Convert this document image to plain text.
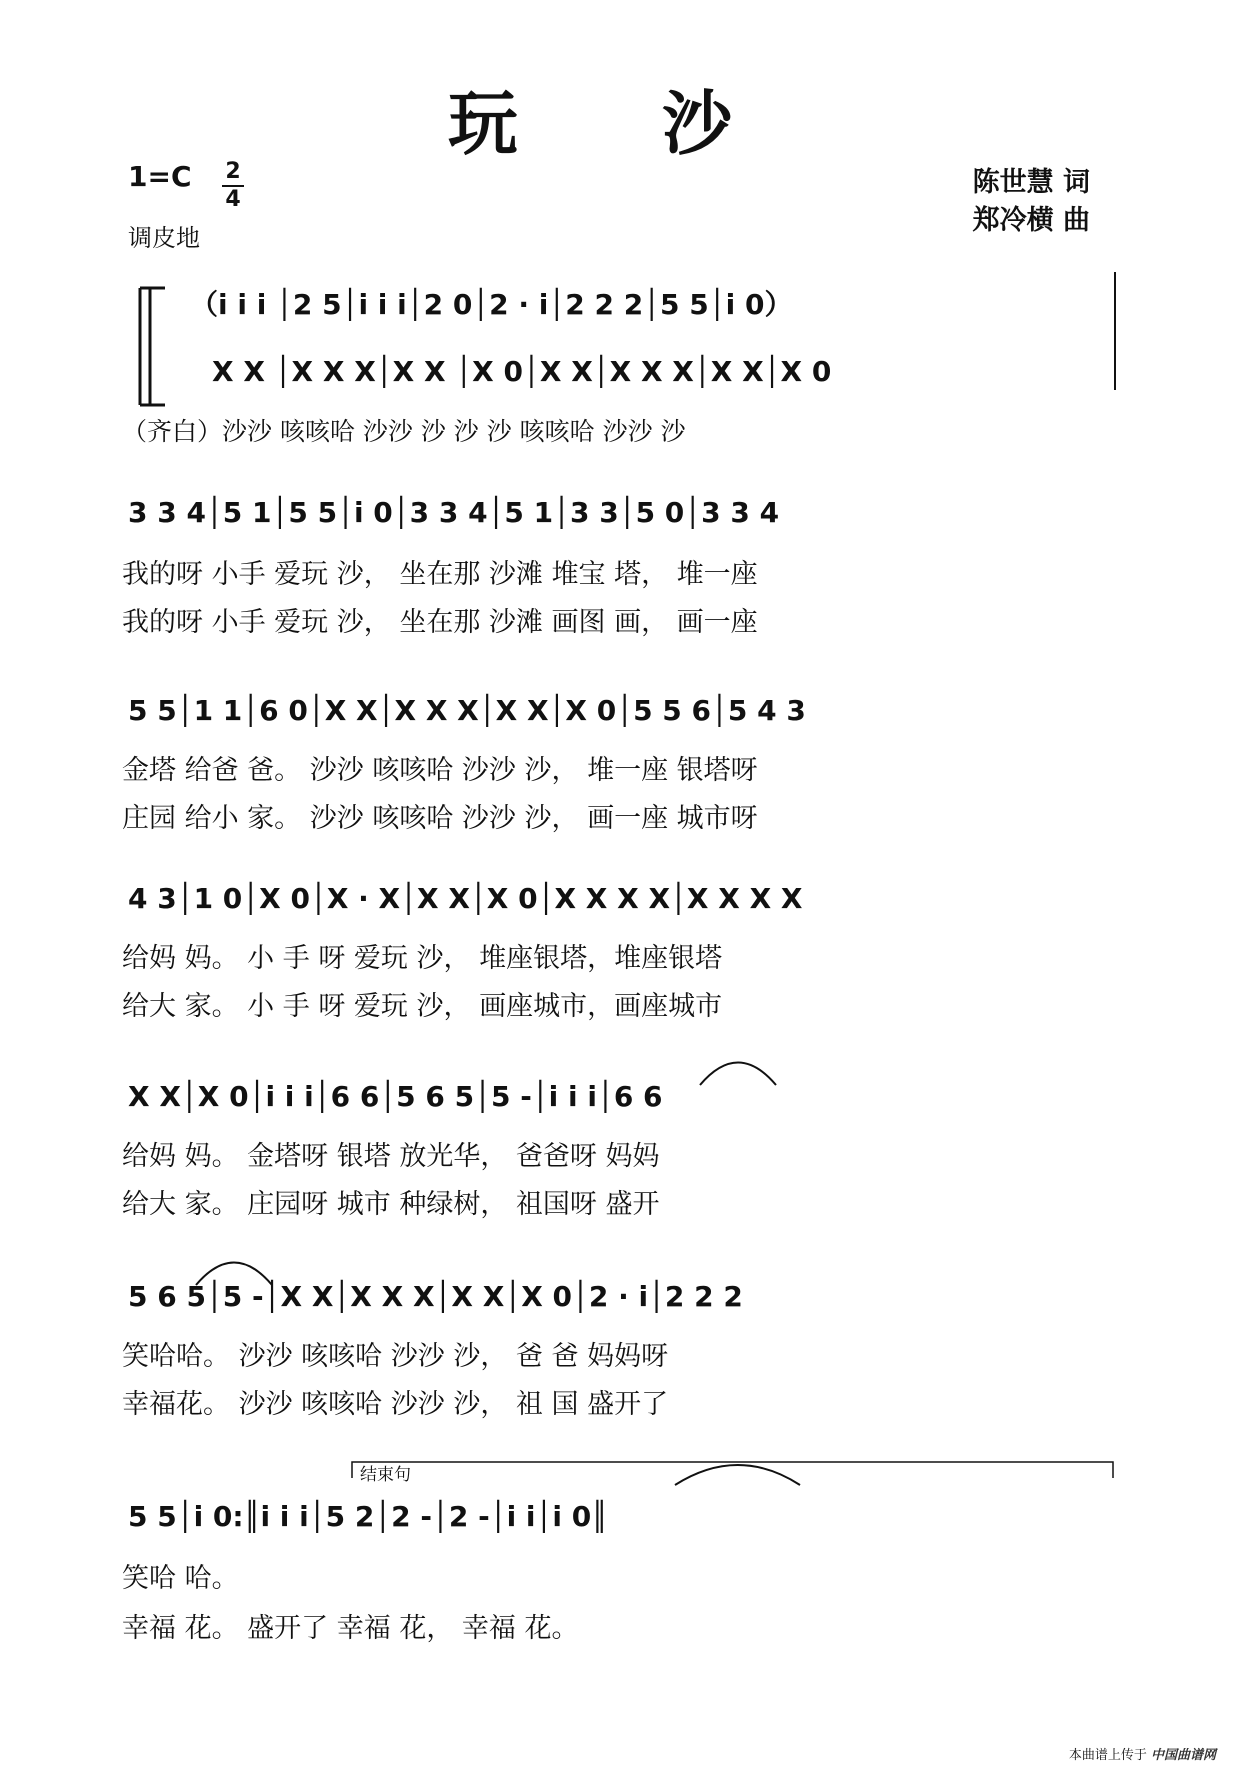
玩 沙
1=C 2
4
调皮地
陈世慧 词
郑冷横 曲
（i i i │2 5│i i i│2 0│2 · i│2 2 2│5 5│i 0）
X X │X X X│X X │X 0│X X│X X X│X X│X 0
（齐白）沙沙 咳咳哈 沙沙 沙 沙 沙 咳咳哈 沙沙 沙
3 3 4│5 1│5 5│i 0│3 3 4│5 1│3 3│5 0│3 3 4
我的呀 小手 爱玩 沙， 坐在那 沙滩 堆宝 塔， 堆一座
我的呀 小手 爱玩 沙， 坐在那 沙滩 画图 画， 画一座
5 5│1 1│6 0│X X│X X X│X X│X 0│5 5 6│5 4 3
金塔 给爸 爸。 沙沙 咳咳哈 沙沙 沙， 堆一座 银塔呀
庄园 给小 家。 沙沙 咳咳哈 沙沙 沙， 画一座 城市呀
4 3│1 0│X 0│X · X│X X│X 0│X X X X│X X X X
给妈 妈。 小 手 呀 爱玩 沙， 堆座银塔，堆座银塔
给大 家。 小 手 呀 爱玩 沙， 画座城市，画座城市
X X│X 0│i i i│6 6│5 6 5│5 -│i i i│6 6
给妈 妈。 金塔呀 银塔 放光华， 爸爸呀 妈妈
给大 家。 庄园呀 城市 种绿树， 祖国呀 盛开
5 6 5│5 -│X X│X X X│X X│X 0│2 · i│2 2 2
笑哈哈。 沙沙 咳咳哈 沙沙 沙， 爸 爸 妈妈呀
幸福花。 沙沙 咳咳哈 沙沙 沙， 祖 国 盛开了
结束句
5 5│i 0:║i i i│5 2│2 -│2 -│i i│i 0║
笑哈 哈。
幸福 花。 盛开了 幸福 花， 幸福 花。
本曲谱上传于 中国曲谱网
